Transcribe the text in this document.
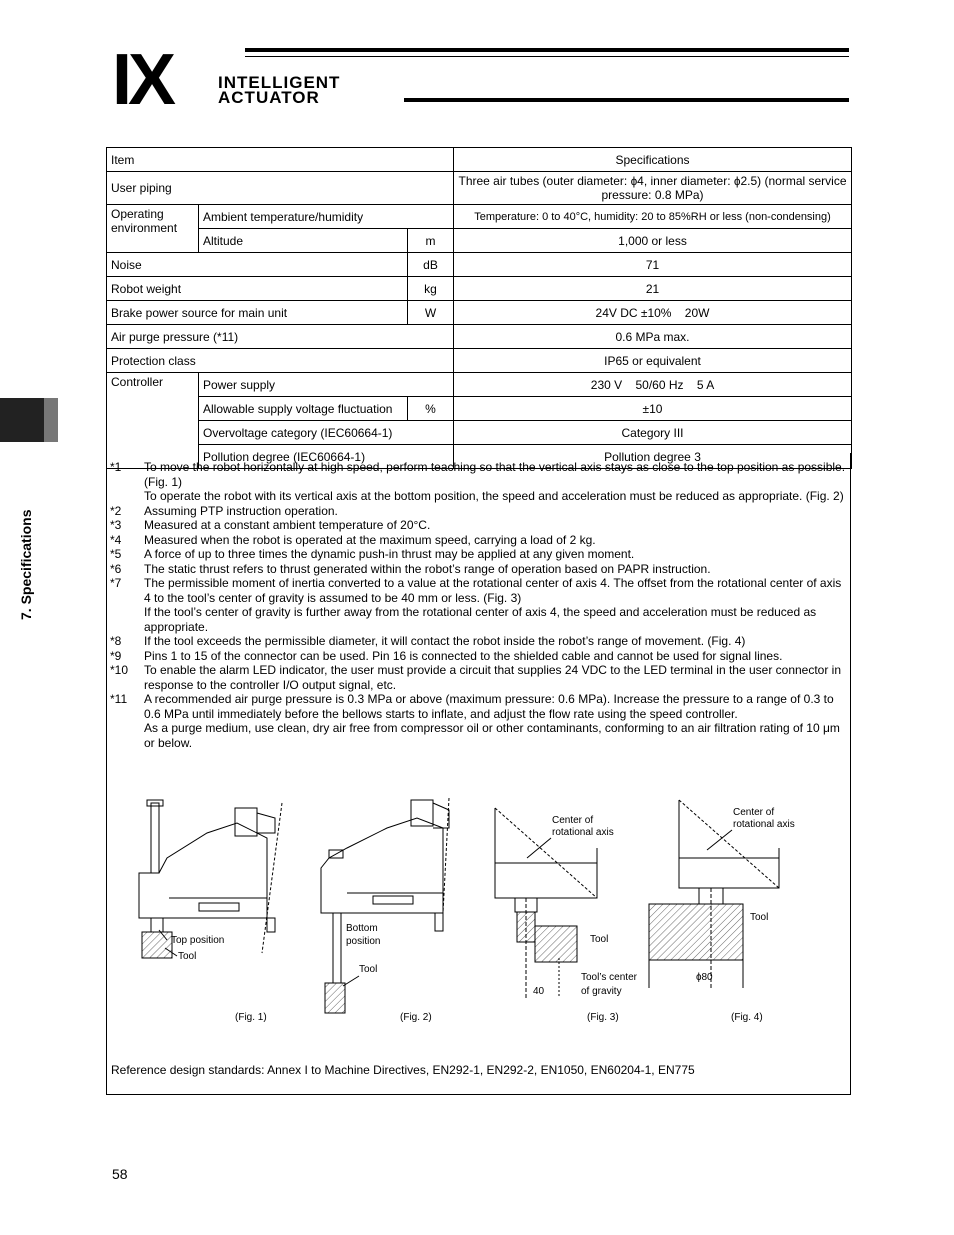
IX	INTELLIGENT
ACTUATOR
7. Specifications
Item			Specifications
User piping			Three air tubes (outer diameter: ɸ4, inner diameter: ɸ2.5) (normal service pressure: 0.8 MPa)
Operating environment	Ambient temperature/humidity		Temperature: 0 to 40°C, humidity: 20 to 85%RH or less (non-condensing)
	Altitude	m	1,000 or less
Noise		dB	71
Robot weight		kg	21
Brake power source for main unit		W	24V DC ±10%    20W
Air purge pressure (*11)			0.6 MPa max.
Protection class			IP65 or equivalent
Controller	Power supply		230 V    50/60 Hz    5 A
	Allowable supply voltage fluctuation	%	±10
	Overvoltage category (IEC60664-1)		Category III
	Pollution degree (IEC60664-1)		Pollution degree 3
*1	To move the robot horizontally at high speed, perform teaching so that the vertical axis stays as close to the top position as possible. (Fig. 1)
To operate the robot with its vertical axis at the bottom position, the speed and acceleration must be reduced as appropriate. (Fig. 2)
*2	Assuming PTP instruction operation.
*3	Measured at a constant ambient temperature of 20°C.
*4	Measured when the robot is operated at the maximum speed, carrying a load of 2 kg.
*5	A force of up to three times the dynamic push-in thrust may be applied at any given moment.
*6	The static thrust refers to thrust generated within the robot’s range of operation based on PAPR instruction.
*7	The permissible moment of inertia converted to a value at the rotational center of axis 4. The offset from the rotational center of axis 4 to the tool’s center of gravity is assumed to be 40 mm or less. (Fig. 3)
If the tool’s center of gravity is further away from the rotational center of axis 4, the speed and acceleration must be reduced as appropriate.
*8	If the tool exceeds the permissible diameter, it will contact the robot inside the robot’s range of movement. (Fig. 4)
*9	Pins 1 to 15 of the connector can be used. Pin 16 is connected to the shielded cable and cannot be used for signal lines.
*10	To enable the alarm LED indicator, the user must provide a circuit that supplies 24 VDC to the LED terminal in the user connector in response to the controller I/O output signal, etc.
*11	A recommended air purge pressure is 0.3 MPa or above (maximum pressure: 0.6 MPa). Increase the pressure to a range of 0.3 to 0.6 MPa until immediately before the bellows starts to inflate, and adjust the flow rate using the speed controller.
As a purge medium, use clean, dry air free from compressor oil or other contaminants, conforming to an air filtration rating of 10 μm or below.
Top position
Tool
(Fig. 1)
Bottom
position
Tool
(Fig. 2)
Center of
rotational axis
Tool
Tool’s center
of gravity
40
(Fig. 3)
Center of
rotational axis
Tool
ɸ80
(Fig. 4)
Reference design standards: Annex I to Machine Directives, EN292-1, EN292-2, EN1050, EN60204-1, EN775
58
